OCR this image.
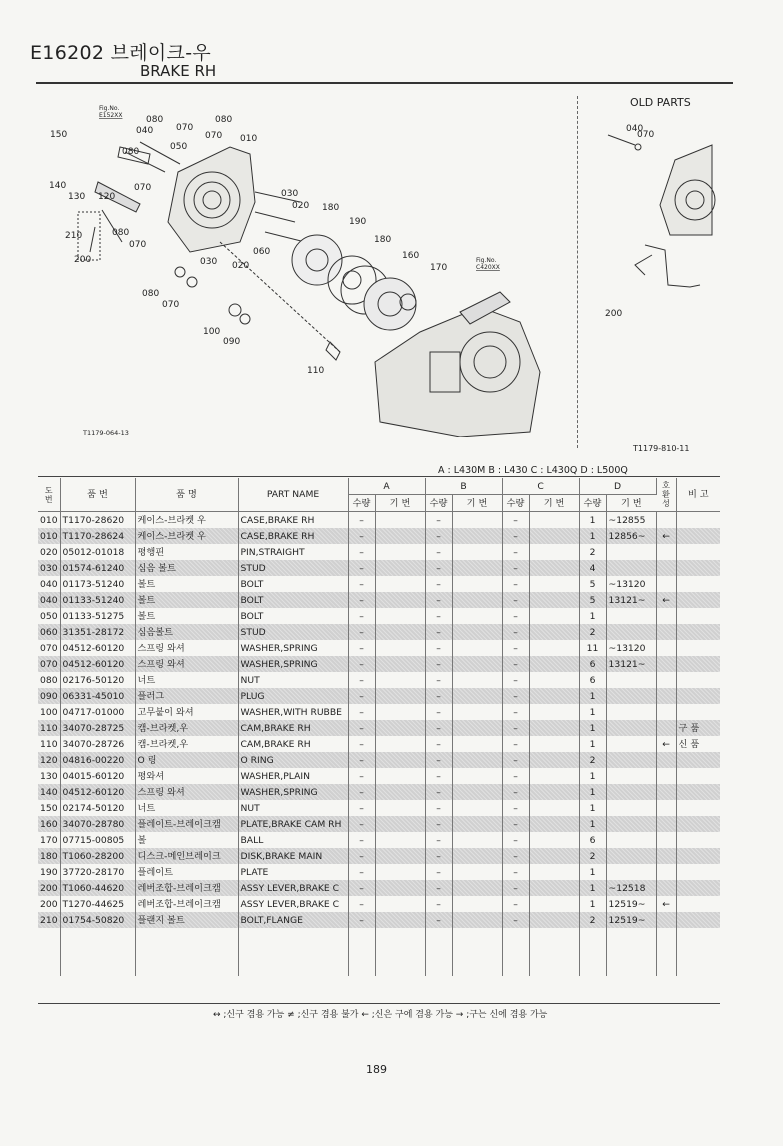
E16202 브레이크-우
BRAKE RH
150
080
070
080
040	070 010
050
080
140	070
130 120	030
020 180
190
210	080
070
060
180
200	030 020
160
170
080
070
100
090
110
Fig.No.
E152XX
Fig.No.
C420XX
T1179-064-13
OLD PARTS
040
070
200
T1179-810-11
A : L430M B : L430 C : L430Q D : L500Q
도
번	품 번	품 명	PART NAME	A		B		C		D		호
환
성	비 고
				수량	기 번	수량	기 번	수량	기 번	수량	기 번		
010	T1170-28620	케이스-브라켓 우	CASE,BRAKE RH	–		–		–		1	~12855		
010	T1170-28624	케이스-브라켓 우	CASE,BRAKE RH	–		–		–		1	12856~	←	
020	05012-01018	평행핀	PIN,STRAIGHT	–		–		–		2			
030	01574-61240	심음 볼트	STUD	–		–		–		4			
040	01173-51240	볼트	BOLT	–		–		–		5	~13120		
040	01133-51240	볼트	BOLT	–		–		–		5	13121~	←	
050	01133-51275	볼트	BOLT	–		–		–		1			
060	31351-28172	심음볼트	STUD	–		–		–		2			
070	04512-60120	스프링 와셔	WASHER,SPRING	–		–		–		11	~13120		
070	04512-60120	스프링 와셔	WASHER,SPRING	–		–		–		6	13121~		
080	02176-50120	너트	NUT	–		–		–		6			
090	06331-45010	플러그	PLUG	–		–		–		1			
100	04717-01000	고무붙이 와셔	WASHER,WITH RUBBE	–		–		–		1			
110	34070-28725	캠-브라켓,우	CAM,BRAKE RH	–		–		–		1			구 품
110	34070-28726	캠-브라켓,우	CAM,BRAKE RH	–		–		–		1		←	신 품
120	04816-00220	O 링	O RING	–		–		–		2			
130	04015-60120	평와셔	WASHER,PLAIN	–		–		–		1			
140	04512-60120	스프링 와셔	WASHER,SPRING	–		–		–		1			
150	02174-50120	너트	NUT	–		–		–		1			
160	34070-28780	플레이트-브레이크캠	PLATE,BRAKE CAM RH	–		–		–		1			
170	07715-00805	볼	BALL	–		–		–		6			
180	T1060-28200	디스크-메인브레이크	DISK,BRAKE MAIN	–		–		–		2			
190	37720-28170	플레이트	PLATE	–		–		–		1			
200	T1060-44620	레버조합-브레이크캠	ASSY LEVER,BRAKE C	–		–		–		1	~12518		
200	T1270-44625	레버조합-브레이크캠	ASSY LEVER,BRAKE C	–		–		–		1	12519~	←	
210	01754-50820	플랜지 볼트	BOLT,FLANGE	–		–		–		2	12519~		

↔ ;신구 겸용 가능 ≠ ;신구 겸용 불가 ← ;신은 구에 겸용 가능 → ;구는 신에 겸용 가능
189
